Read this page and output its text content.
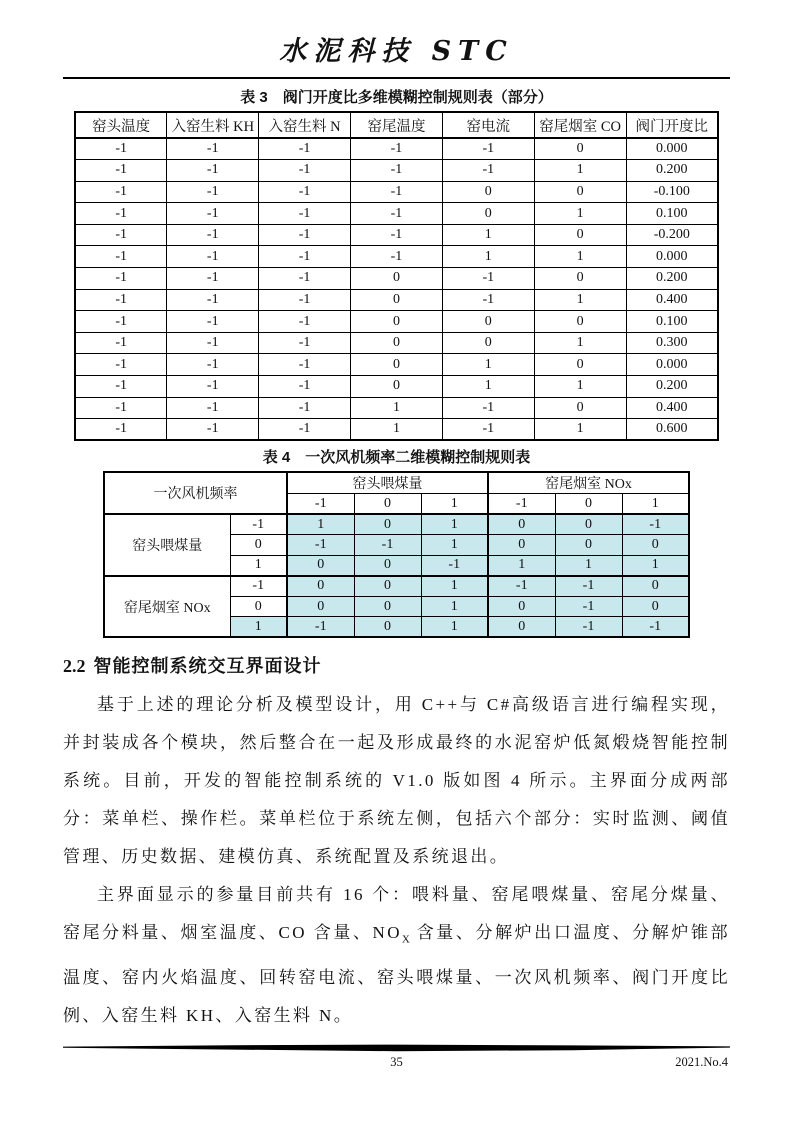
水泥科技 STC
表 3　阀门开度比多维模糊控制规则表（部分）
窑头温度	入窑生料 KH	入窑生料 N	窑尾温度	窑电流	窑尾烟室 CO	阀门开度比
-1	-1	-1	-1	-1	0	0.000
-1	-1	-1	-1	-1	1	0.200
-1	-1	-1	-1	0	0	-0.100
-1	-1	-1	-1	0	1	0.100
-1	-1	-1	-1	1	0	-0.200
-1	-1	-1	-1	1	1	0.000
-1	-1	-1	0	-1	0	0.200
-1	-1	-1	0	-1	1	0.400
-1	-1	-1	0	0	0	0.100
-1	-1	-1	0	0	1	0.300
-1	-1	-1	0	1	0	0.000
-1	-1	-1	0	1	1	0.200
-1	-1	-1	1	-1	0	0.400
-1	-1	-1	1	-1	1	0.600
表 4　一次风机频率二维模糊控制规则表
一次风机频率		窑头喂煤量			窑尾烟室 NOx		
		-1	0	1	-1	0	1
窑头喂煤量	-1	1	0	1	0	0	-1
	0	-1	-1	1	0	0	0
	1	0	0	-1	1	1	1
窑尾烟室 NOx	-1	0	0	1	-1	-1	0
	0	0	0	1	0	-1	0
	1	-1	0	1	0	-1	-1
2.2 智能控制系统交互界面设计

基于上述的理论分析及模型设计，用 C++与 C#高级语言进行编程实现，并封装成各个模块，然后整合在一起及形成最终的水泥窑炉低氮煅烧智能控制系统。目前，开发的智能控制系统的 V1.0 版如图 4 所示。主界面分成两部分：菜单栏、操作栏。菜单栏位于系统左侧，包括六个部分：实时监测、阈值管理、历史数据、建模仿真、系统配置及系统退出。

主界面显示的参量目前共有 16 个：喂料量、窑尾喂煤量、窑尾分煤量、窑尾分料量、烟室温度、CO 含量、$NO_X$ 含量、分解炉出口温度、分解炉锥部温度、窑内火焰温度、回转窑电流、窑头喂煤量、一次风机频率、阀门开度比例、入窑生料 KH、入窑生料 N。

35	2021.No.4
